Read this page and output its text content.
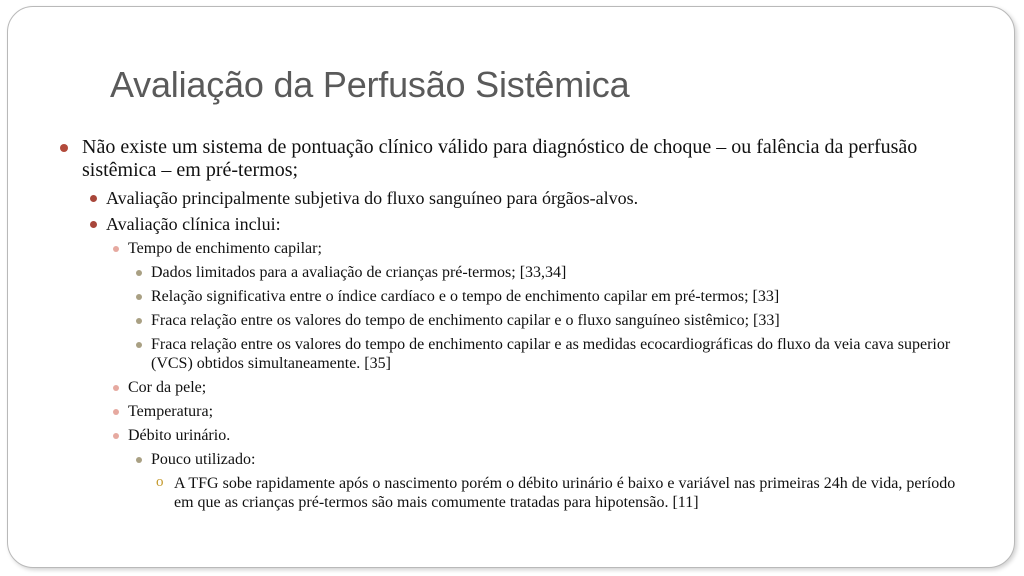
Avaliação da Perfusão Sistêmica
Não existe um sistema de pontuação clínico válido para diagnóstico de choque – ou falência da perfusão sistêmica – em pré-termos;
Avaliação principalmente subjetiva do fluxo sanguíneo para órgãos-alvos.
Avaliação clínica inclui:
Tempo de enchimento capilar;
Dados limitados para a avaliação de crianças pré-termos; [33,34]
Relação significativa entre o índice cardíaco e o tempo de enchimento capilar em pré-termos; [33]
Fraca relação entre os valores do tempo de enchimento capilar e o fluxo sanguíneo sistêmico; [33]
Fraca relação entre os valores do tempo de enchimento capilar e as medidas ecocardiográficas do fluxo da veia cava superior (VCS) obtidos simultaneamente. [35]
Cor da pele;
Temperatura;
Débito urinário.
Pouco utilizado:
o A TFG sobe rapidamente após o nascimento porém o débito urinário é baixo e variável nas primeiras 24h de vida, período em que as crianças pré-termos são mais comumente tratadas para hipotensão. [11]
